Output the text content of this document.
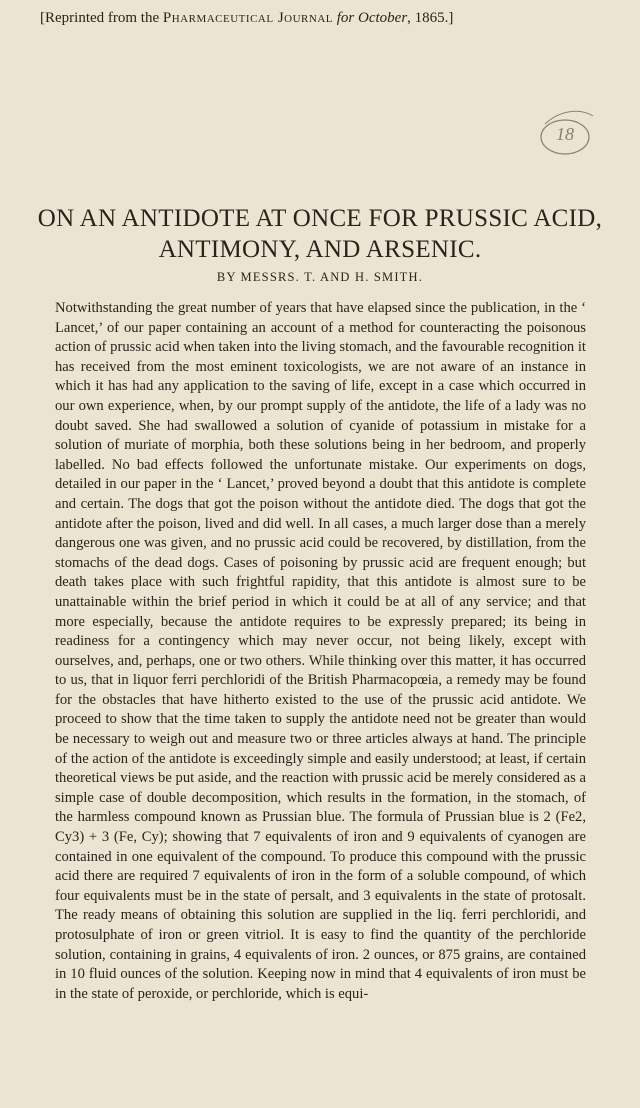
[Reprinted from the Pharmaceutical Journal for October, 1865.]
18
ON AN ANTIDOTE AT ONCE FOR PRUSSIC ACID, ANTIMONY, AND ARSENIC.
BY MESSRS. T. AND H. SMITH.

Notwithstanding the great number of years that have elapsed since the publication, in the ‘ Lancet,’ of our paper containing an account of a method for counteracting the poisonous action of prussic acid when taken into the living stomach, and the favourable recognition it has received from the most eminent toxicologists, we are not aware of an instance in which it has had any application to the saving of life, except in a case which occurred in our own experience, when, by our prompt supply of the antidote, the life of a lady was no doubt saved. She had swallowed a solution of cyanide of potassium in mistake for a solution of muriate of morphia, both these solutions being in her bedroom, and properly labelled. No bad effects followed the unfortunate mistake. Our experiments on dogs, detailed in our paper in the ‘ Lancet,’ proved beyond a doubt that this antidote is complete and certain. The dogs that got the poison without the antidote died. The dogs that got the antidote after the poison, lived and did well. In all cases, a much larger dose than a merely dangerous one was given, and no prussic acid could be recovered, by distillation, from the stomachs of the dead dogs. Cases of poisoning by prussic acid are frequent enough; but death takes place with such frightful rapidity, that this antidote is almost sure to be unattainable within the brief period in which it could be at all of any service; and that more especially, because the antidote requires to be expressly prepared; its being in readiness for a contingency which may never occur, not being likely, except with ourselves, and, perhaps, one or two others. While thinking over this matter, it has occurred to us, that in liquor ferri perchloridi of the British Pharmacopœia, a remedy may be found for the obstacles that have hitherto existed to the use of the prussic acid antidote. We proceed to show that the time taken to supply the antidote need not be greater than would be necessary to weigh out and measure two or three articles always at hand. The principle of the action of the antidote is exceedingly simple and easily understood; at least, if certain theoretical views be put aside, and the reaction with prussic acid be merely considered as a simple case of double decomposition, which results in the formation, in the stomach, of the harmless compound known as Prussian blue. The formula of Prussian blue is 2 (Fe2, Cy3) + 3 (Fe, Cy); showing that 7 equivalents of iron and 9 equivalents of cyanogen are contained in one equivalent of the compound. To produce this compound with the prussic acid there are required 7 equivalents of iron in the form of a soluble compound, of which four equivalents must be in the state of persalt, and 3 equivalents in the state of protosalt. The ready means of obtaining this solution are supplied in the liq. ferri perchloridi, and protosulphate of iron or green vitriol. It is easy to find the quantity of the perchloride solution, containing in grains, 4 equivalents of iron. 2 ounces, or 875 grains, are contained in 10 fluid ounces of the solution. Keeping now in mind that 4 equivalents of iron must be in the state of peroxide, or perchloride, which is equi-
